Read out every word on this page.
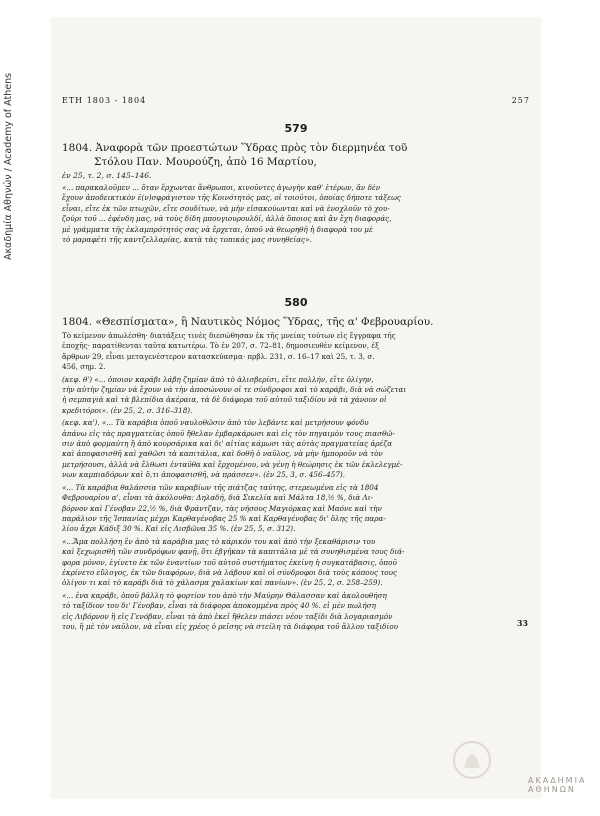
Ακαδημία Αθηνών / Academy of Athens	ΕΤΗ 1803 - 1804	257
579
1804. Ἀναφορὰ τῶν προεστώτων Ὕδρας πρὸς τὸν διερμηνέα τοῦ
Στόλου Παν. Μουρούζη, ἀπὸ 16 Μαρτίου,
ἐν 25, τ. 2, σ. 145–146.
«... παρακαλοῦμεν ... ὅταν ἔρχωνται ἄνθρωποι, κινοῦντες ἀγωγὴν καθ' ἑτέρων, ἂν δὲν
ἔχουν ἀποδεικτικὸν ἐ(ν)σφράγιστον τῆς Κοινότητός μας, οἱ τοιοῦτοι, ὁποίας δήποτε τάξεως
εἶναι, εἴτε ἐκ τῶν πτωχῶν, εἴτε σουδίτων, νὰ μὴν εἰσακούωνται καὶ νὰ ἐνοχλοῦν τὸ χου-
ζούρι τοῦ ... ἐφένδη μας, νὰ τοὺς δίδη μπουγιουρουλδί, ἀλλὰ ὅποιος καὶ ἂν ἔχη διαφοράς,
μὲ γράμματα τῆς ἐκλαμπρότητός σας νὰ ἔρχεται, ὁποῦ νὰ θεωρηθῆ ἡ διαφορὰ του μὲ
τὸ μαραφέτι τῆς καντζελλαρίας, κατὰ τὰς τοπικάς μας συνηθείας».
580
1804. «Θεσπίσματα», ἢ Ναυτικὸς Νόμος Ὕδρας, τῆς α' Φεβρουαρίου.
Τὸ κείμενον ἀπωλέσθη· διατάξεις τινὲς διεσώθησαν ἐκ τῆς μνείας τούτων εἰς ἔγγραφα τῆς
ἐποχῆς· παρατίθενται ταῦτα κατωτέρω. Τὸ ἐν 207, σ. 72–81, δημοσιευθὲν κείμενον, ἐξ
ἄρθρων 29, εἶναι μεταγενέστερον κατασκεύασμα· πρβλ. 231, σ. 16–17 καὶ 25, τ. 3, σ.
456, σημ. 2.
(κεφ. θ') «... ὁποιον καράβι λάβη ζημίαν ἀπὸ τὸ ἀλισβερίσι, εἴτε πολλήν, εἴτε ὀλίγην,
τὴν αὐτὴν ζημίαν νὰ ἔχουν νὰ τὴν ἀποσώνουν οἱ τε σύνδροφοι καὶ τὸ καράβι, διὰ νὰ σώζεται
ἡ σεμπαγιὰ καὶ τὰ βλεπίδια ἀκέραια, τὰ δὲ διάφορα τοῦ αὐτοῦ ταξιδίου νὰ τὰ χάνουν οἱ
κρεδιτόροι». (ἐν 25, 2, σ. 316–318).
(κεφ. κα'). «... Τὰ καράβια ὁποῦ ναυλοθῶσιν ἀπὸ τὸν λεβάντε καὶ μετρήσουν φόνδυ
ἀπάνω εἰς τὰς πραγματείας ὁποῦ ἤθελαν ἐμβαρκάρωσι καὶ εἰς τὸν πηγαιμὸν τους πιασθῶ-
σιν ἀπὸ φορμαύτη ἢ ἀπὸ κουρσάρικα καὶ δι' αἰτίας κάμωσι τὰς αὐτὰς πραγματείας ἀρέζα
καὶ ἀποφασισθῆ καὶ χαθῶσι τὰ καπιτάλια, καὶ δοθῆ ὁ ναῦλος, νὰ μὴν ἠμποροῦν νὰ τὸν
μετρήσουσι, ἀλλὰ νὰ ἔλθωσι ἐνταῦθα καὶ ἔρχομένου, νὰ γένῃ ἡ θεώρησις ἐκ τῶν ἐκλελεγμέ-
νων καμπιαδόρων καὶ ὅ,τι ἀποφασισθῆ, νὰ πράσσεν». (ἐν 25, 3, σ. 456–457).
«... Τὰ καράβια θαλάσσια τῶν καραβίων τῆς πιάτζας ταύτης, στερεωμένα εἰς τὰ 1804
Φεβρουαρίου α', εἶναι τὰ ἀκόλουθα: Δηλαδή, διὰ Σικελία καὶ Μάλτα 18,½ %, διὰ Λι-
βόρνον καὶ Γένοβαν 22,½ %, διὰ Φράντζαν, τὰς νήσους Μαγιόρκας καὶ Μαόνε καὶ τὴν
παράλιον τῆς Ἰσπανίας μέχρι Καρθαγένοβας 25 % καὶ Καρθαγένοβας δι' ὅλης τῆς παρα-
λίου ἄχρι Κάδιξ 30 %. Καὶ εἰς Λισβῶνα 35 %. (ἐν 25, 5, σ. 312).
«...Ἅμα πολλήση ἓν ἀπὸ τὰ καράβια μας τὸ κάρικόν του καὶ ἀπὸ τὴν ξεκαθάρισιν του
καὶ ξεχωρισθῆ τῶν συνδρόφων φανῇ, ὅτι ἐβγῆκαν τὰ καπιτάλια μὲ τὰ συνηθισμένα τους διά-
φορα μόνον, ἐγίνετο ἐκ τῶν ἐναντίων τοῦ αὐτοῦ συστήματος ἐκείνη ἡ συγκατάβασις, ὁποῦ
ἐκρίνετο εὔλογος, ἐκ τῶν διαφόρων, διὰ νὰ λάβουν καὶ οἱ σύνδροφοι διὰ τοὺς κόπους τους
ὀλίγον τι καὶ τὸ καράβι διὰ τὸ χάλασμα χαλακίων καὶ πανίων». (ἐν 25, 2, σ. 258–259).
«... ἐνα καράβι, ὁποῦ βάλλη τὸ φορτίον του ἀπὸ τὴν Μαύρην Θάλασσαν καὶ ἀκολουθήση
τὸ ταξίδιον του δι' Γένοβαν, εἶναι τὰ διάφορα ἀποκομμένα πρὸς 40 %. εἰ μὲν πωλήση
εἰς Λιβόρνον ἢ εἰς Γενόβαν, εἶναι τὰ ἀπὸ ἐκεῖ ἤθελεν πιάσει νέον ταξίδι διὰ λογαριασμόν
του, ἢ μὲ τὸν ναῦλον, νὰ εἶναι εἰς χρέος ὁ ρεῖσης νὰ στείλη τὰ διάφορα τοῦ ἄλλου ταξιδίου	33
ΑΚΑΔΗΜΙΑ ΑΘΗΝΩΝ
